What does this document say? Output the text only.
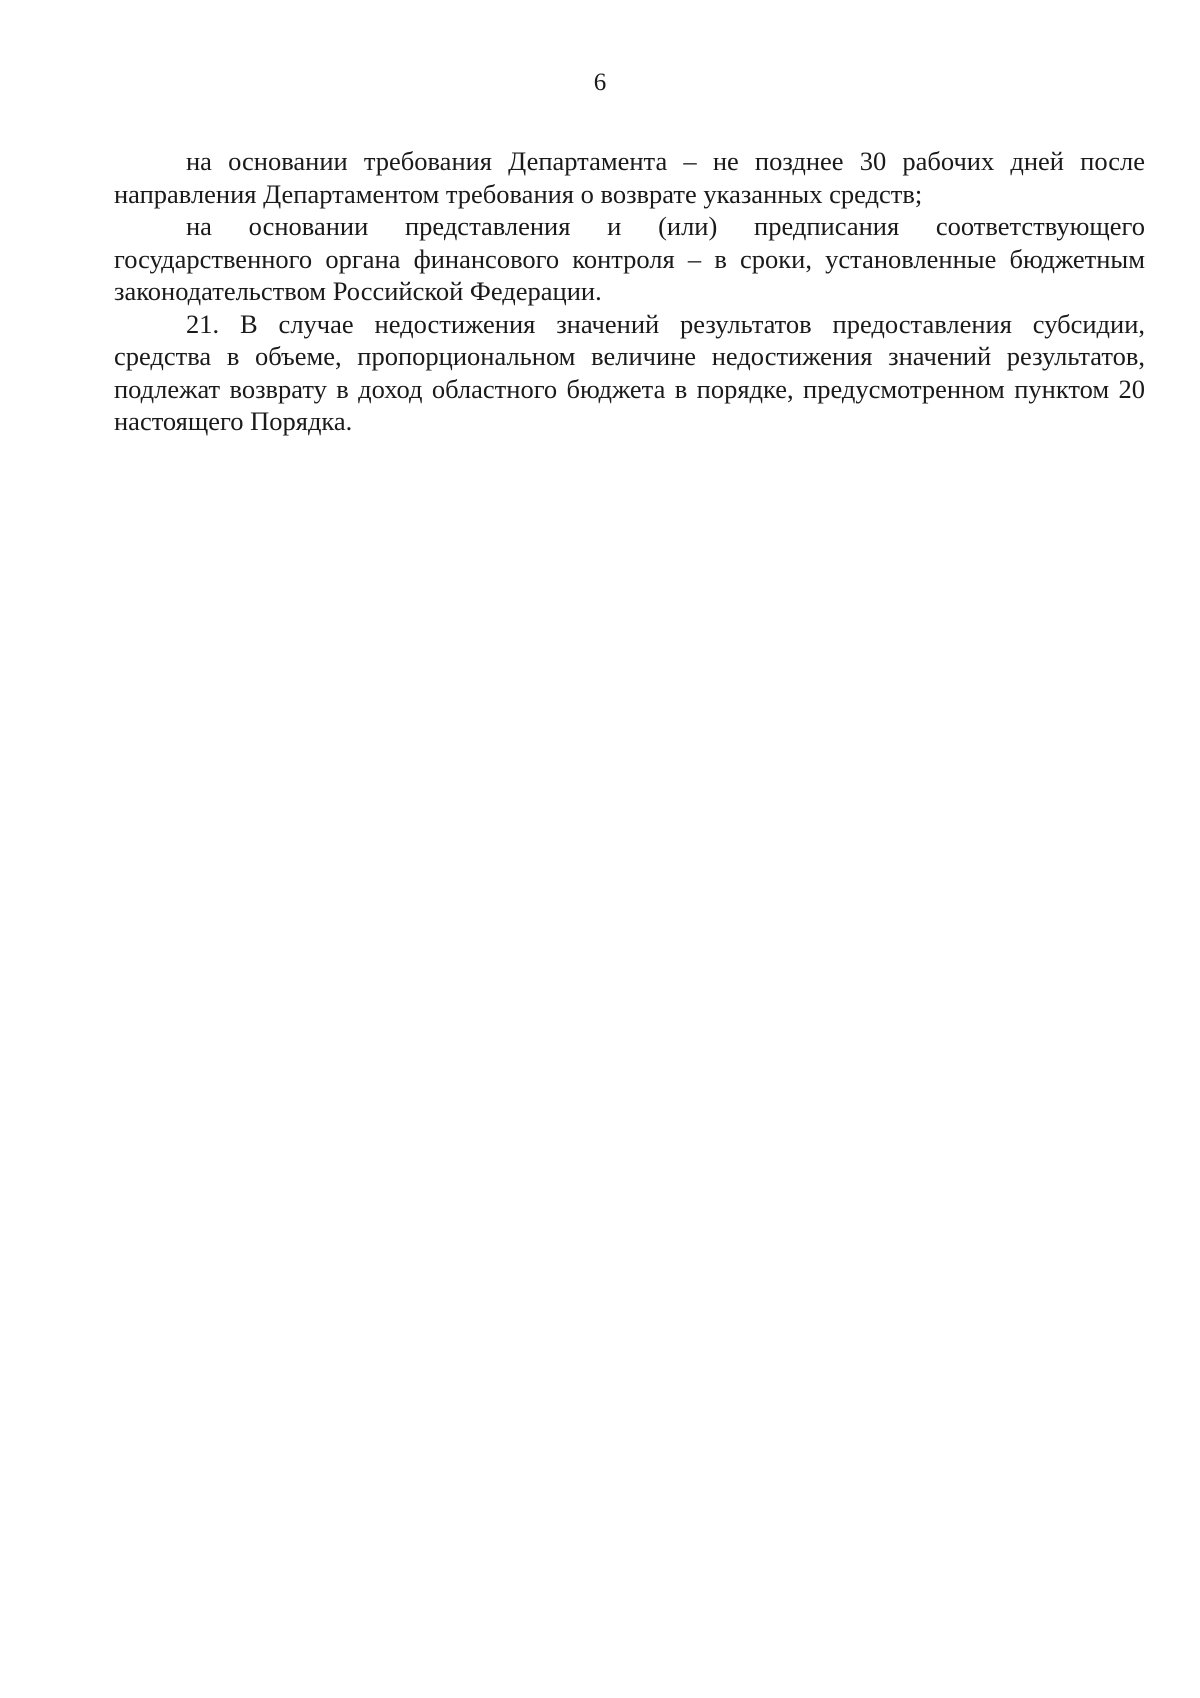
6

на основании требования Департамента – не позднее 30 рабочих дней после направления Департаментом требования о возврате указанных средств;

на основании представления и (или) предписания соответствующего государственного органа финансового контроля – в сроки, установленные бюджетным законодательством Российской Федерации.

21. В случае недостижения значений результатов предоставления субсидии, средства в объеме, пропорциональном величине недостижения значений результатов, подлежат возврату в доход областного бюджета в порядке, предусмотренном пунктом 20 настоящего Порядка.
